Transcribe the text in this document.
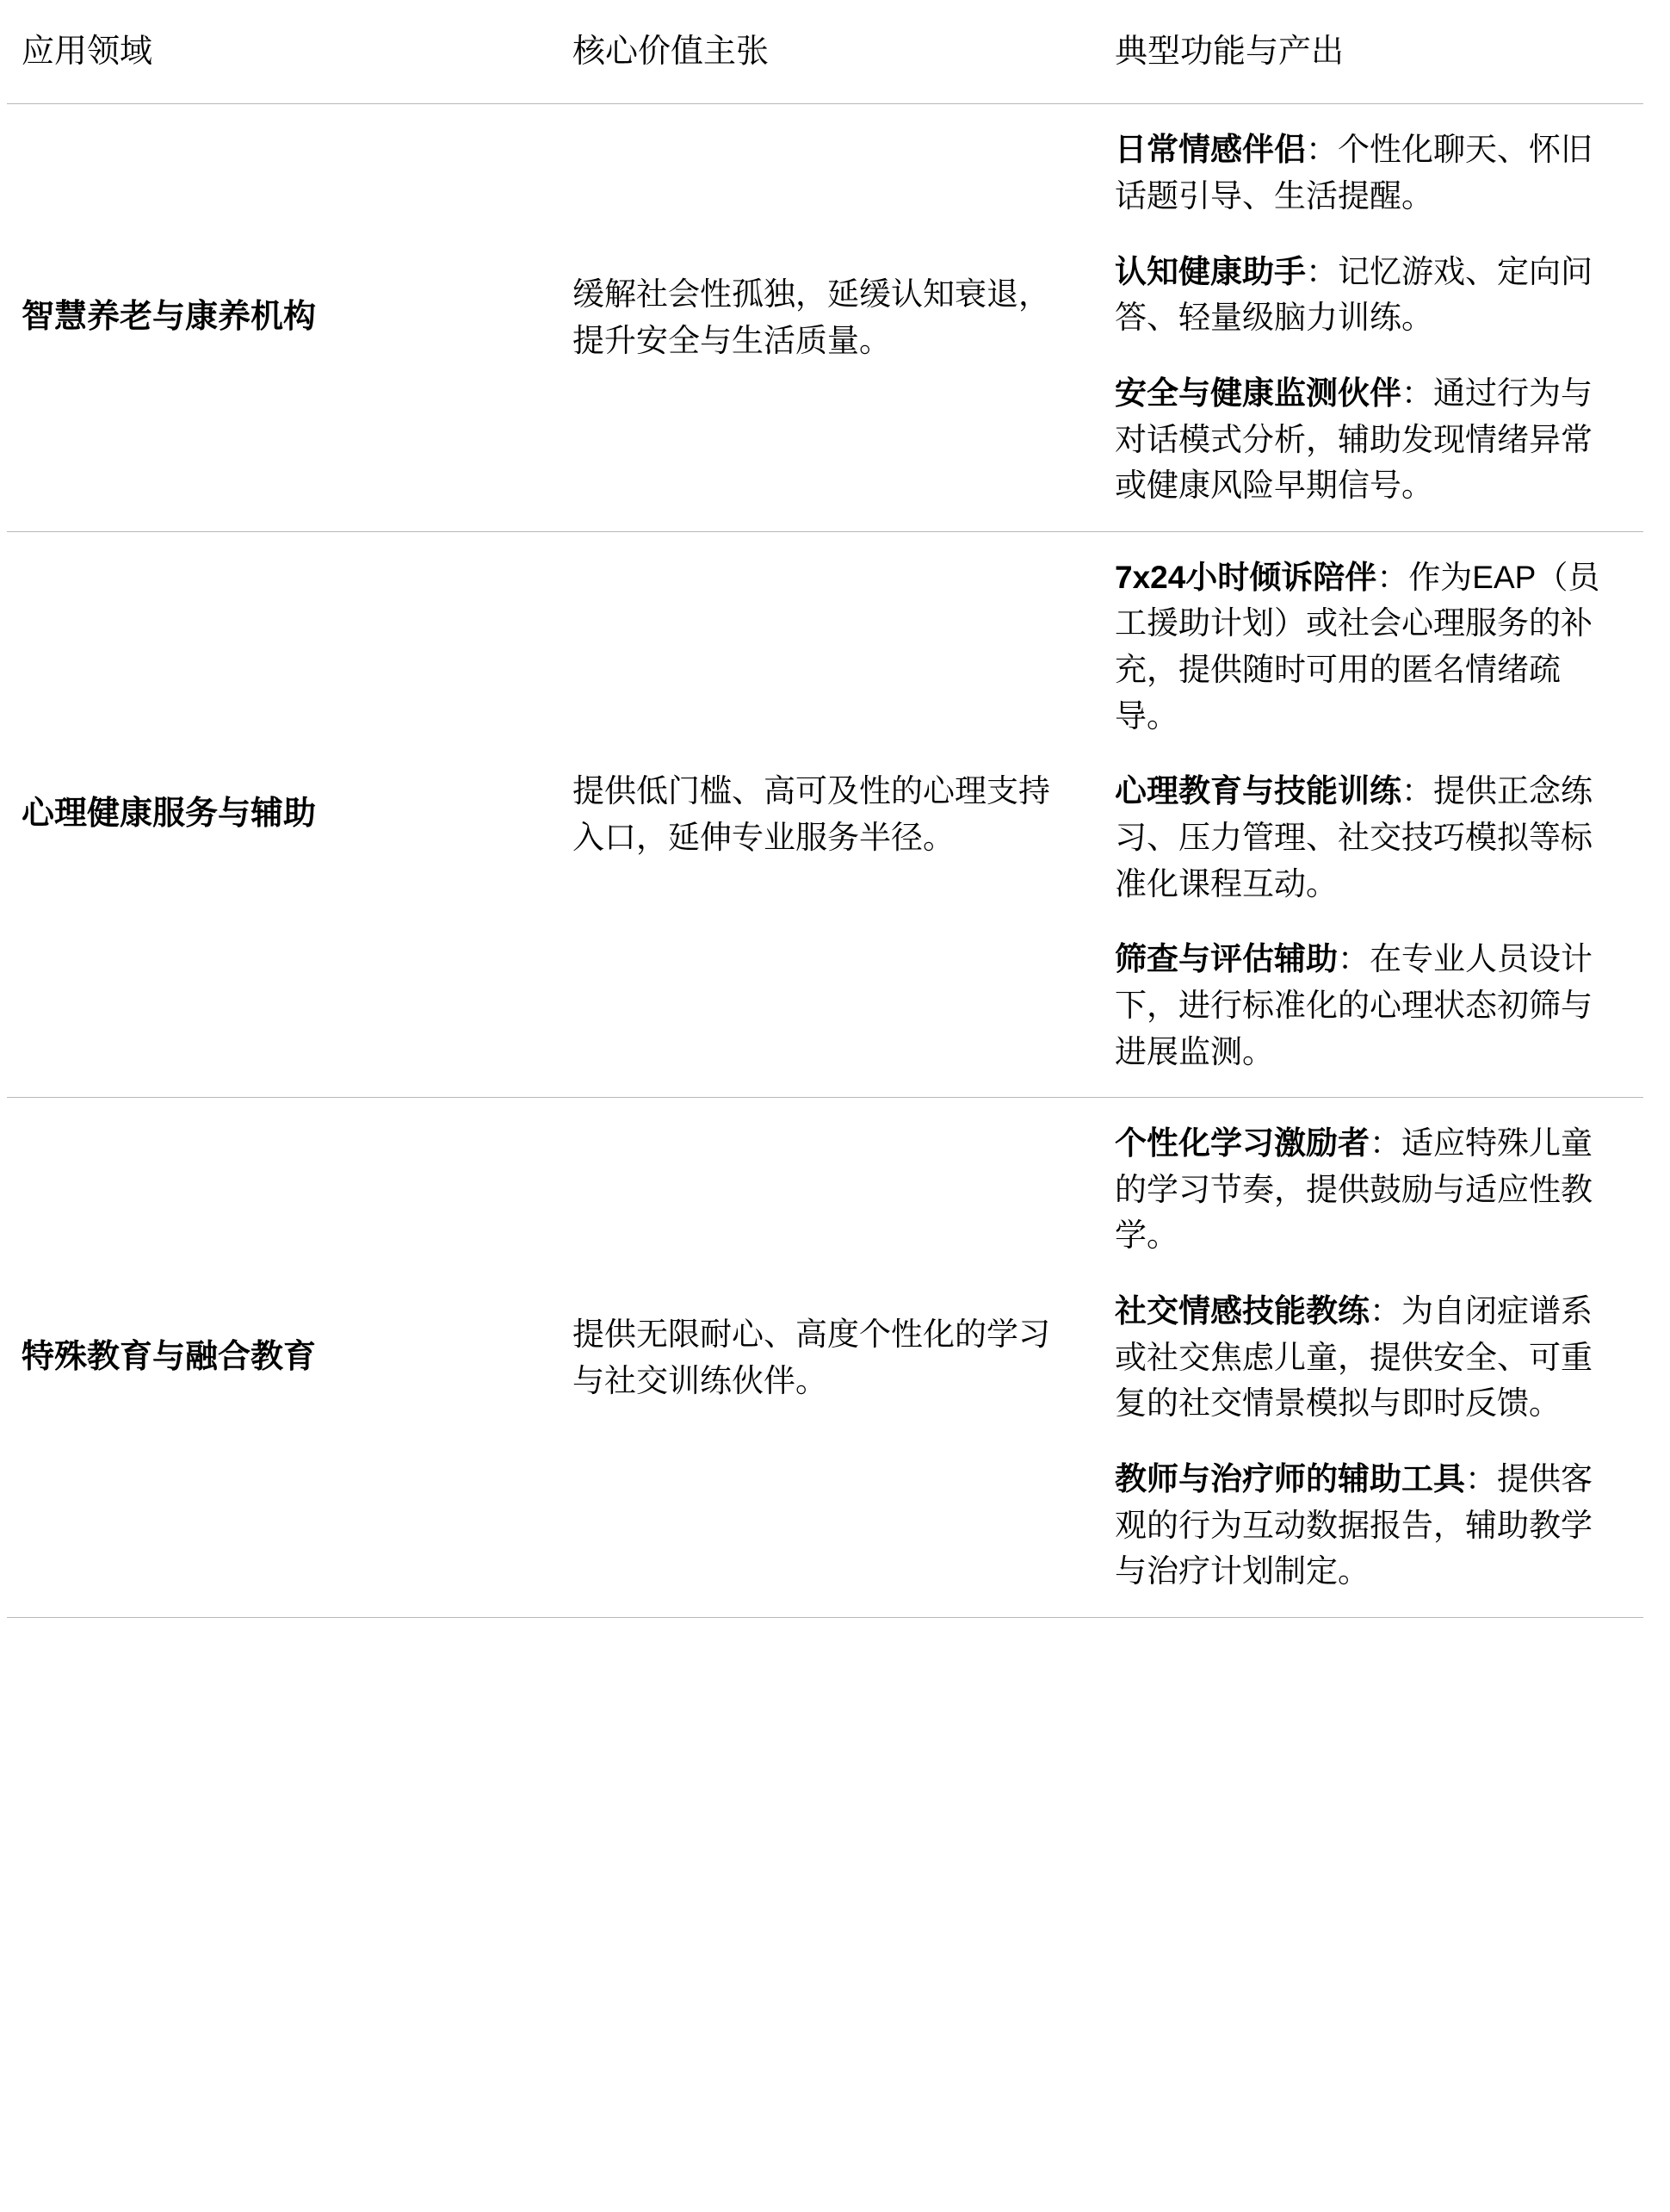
应用领域	核心价值主张	典型功能与产出
智慧养老与康养机构	缓解社会性孤独，延缓认知衰退，提升安全与生活质量。	日常情感伴侣：个性化聊天、怀旧话题引导、生活提醒。
认知健康助手：记忆游戏、定向问答、轻量级脑力训练。
安全与健康监测伙伴：通过行为与对话模式分析，辅助发现情绪异常或健康风险早期信号。

心理健康服务与辅助	提供低门槛、高可及性的心理支持入口，延伸专业服务半径。	7x24小时倾诉陪伴：作为EAP（员工援助计划）或社会心理服务的补充，提供随时可用的匿名情绪疏导。
心理教育与技能训练：提供正念练习、压力管理、社交技巧模拟等标准化课程互动。
筛查与评估辅助：在专业人员设计下，进行标准化的心理状态初筛与进展监测。

特殊教育与融合教育	提供无限耐心、高度个性化的学习与社交训练伙伴。	个性化学习激励者：适应特殊儿童的学习节奏，提供鼓励与适应性教学。
社交情感技能教练：为自闭症谱系或社交焦虑儿童，提供安全、可重复的社交情景模拟与即时反馈。
教师与治疗师的辅助工具：提供客观的行为互动数据报告，辅助教学与治疗计划制定。
